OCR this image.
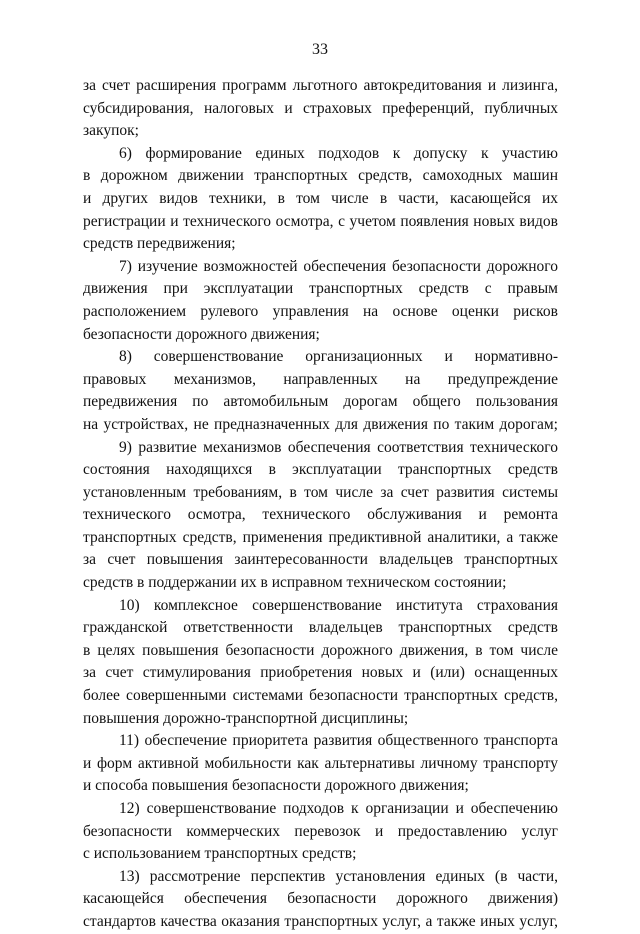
33
за счет расширения программ льготного автокредитования и лизинга,
субсидирования, налоговых и страховых преференций, публичных
закупок;
6) формирование единых подходов к допуску к участию
в дорожном движении транспортных средств, самоходных машин
и других видов техники, в том числе в части, касающейся их
регистрации и технического осмотра, с учетом появления новых видов
средств передвижения;
7) изучение возможностей обеспечения безопасности дорожного
движения при эксплуатации транспортных средств с правым
расположением рулевого управления на основе оценки рисков
безопасности дорожного движения;
8) совершенствование организационных и нормативно-
правовых механизмов, направленных на предупреждение
передвижения по автомобильным дорогам общего пользования
на устройствах, не предназначенных для движения по таким дорогам;
9) развитие механизмов обеспечения соответствия технического
состояния находящихся в эксплуатации транспортных средств
установленным требованиям, в том числе за счет развития системы
технического осмотра, технического обслуживания и ремонта
транспортных средств, применения предиктивной аналитики, а также
за счет повышения заинтересованности владельцев транспортных
средств в поддержании их в исправном техническом состоянии;
10) комплексное совершенствование института страхования
гражданской ответственности владельцев транспортных средств
в целях повышения безопасности дорожного движения, в том числе
за счет стимулирования приобретения новых и (или) оснащенных
более совершенными системами безопасности транспортных средств,
повышения дорожно-транспортной дисциплины;
11) обеспечение приоритета развития общественного транспорта
и форм активной мобильности как альтернативы личному транспорту
и способа повышения безопасности дорожного движения;
12) совершенствование подходов к организации и обеспечению
безопасности коммерческих перевозок и предоставлению услуг
с использованием транспортных средств;
13) рассмотрение перспектив установления единых (в части,
касающейся обеспечения безопасности дорожного движения)
стандартов качества оказания транспортных услуг, а также иных услуг,
